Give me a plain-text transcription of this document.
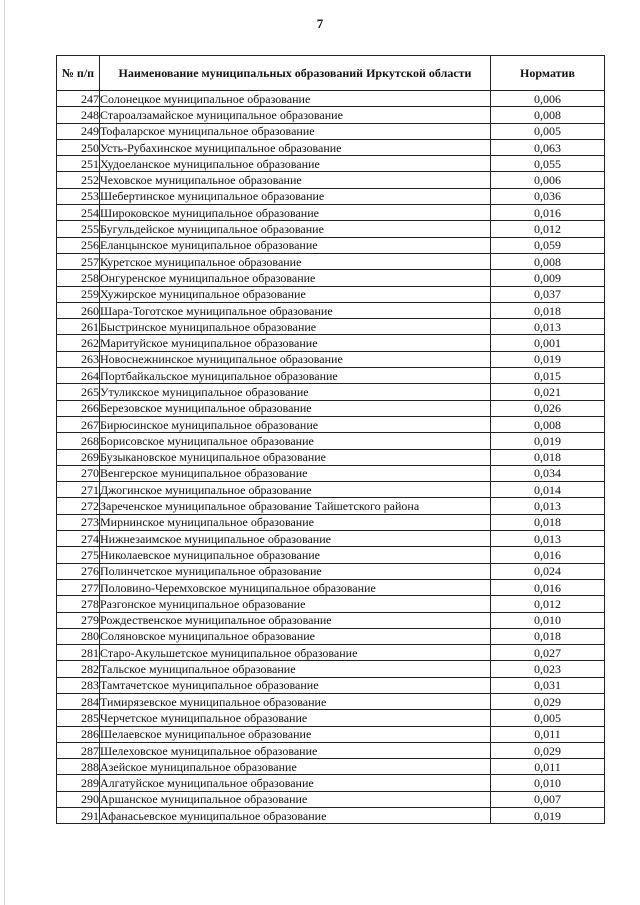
7
№ п/п	Наименование муниципальных образований Иркутской области	Норматив
247	Солонецкое муниципальное образование	0,006
248	Староалзамайское муниципальное образование	0,008
249	Тофаларское муниципальное образование	0,005
250	Усть-Рубахинское муниципальное образование	0,063
251	Худоеланское муниципальное образование	0,055
252	Чеховское муниципальное образование	0,006
253	Шебертинское муниципальное образование	0,036
254	Широковское муниципальное образование	0,016
255	Бугульдейское муниципальное образование	0,012
256	Еланцынское муниципальное образование	0,059
257	Куретское муниципальное образование	0,008
258	Онгуренское муниципальное образование	0,009
259	Хужирское муниципальное образование	0,037
260	Шара-Тоготское муниципальное образование	0,018
261	Быстринское муниципальное образование	0,013
262	Маритуйское муниципальное образование	0,001
263	Новоснежнинское муниципальное образование	0,019
264	Портбайкальское муниципальное образование	0,015
265	Утуликское муниципальное образование	0,021
266	Березовское муниципальное образование	0,026
267	Бирюсинское муниципальное образование	0,008
268	Борисовское муниципальное образование	0,019
269	Бузыкановское муниципальное образование	0,018
270	Венгерское муниципальное образование	0,034
271	Джогинское муниципальное образование	0,014
272	Зареченское муниципальное образование Тайшетского района	0,013
273	Мирнинское муниципальное образование	0,018
274	Нижнезаимское муниципальное образование	0,013
275	Николаевское муниципальное образование	0,016
276	Полинчетское муниципальное образование	0,024
277	Половино-Черемховское муниципальное образование	0,016
278	Разгонское муниципальное образование	0,012
279	Рождественское муниципальное образование	0,010
280	Соляновское муниципальное образование	0,018
281	Старо-Акульшетское муниципальное образование	0,027
282	Тальское муниципальное образование	0,023
283	Тамтачетское муниципальное образование	0,031
284	Тимирязевское муниципальное образование	0,029
285	Черчетское муниципальное образование	0,005
286	Шелаевское муниципальное образование	0,011
287	Шелеховское муниципальное образование	0,029
288	Азейское муниципальное образование	0,011
289	Алгатуйское муниципальное образование	0,010
290	Аршанское муниципальное образование	0,007
291	Афанасьевское муниципальное образование	0,019
